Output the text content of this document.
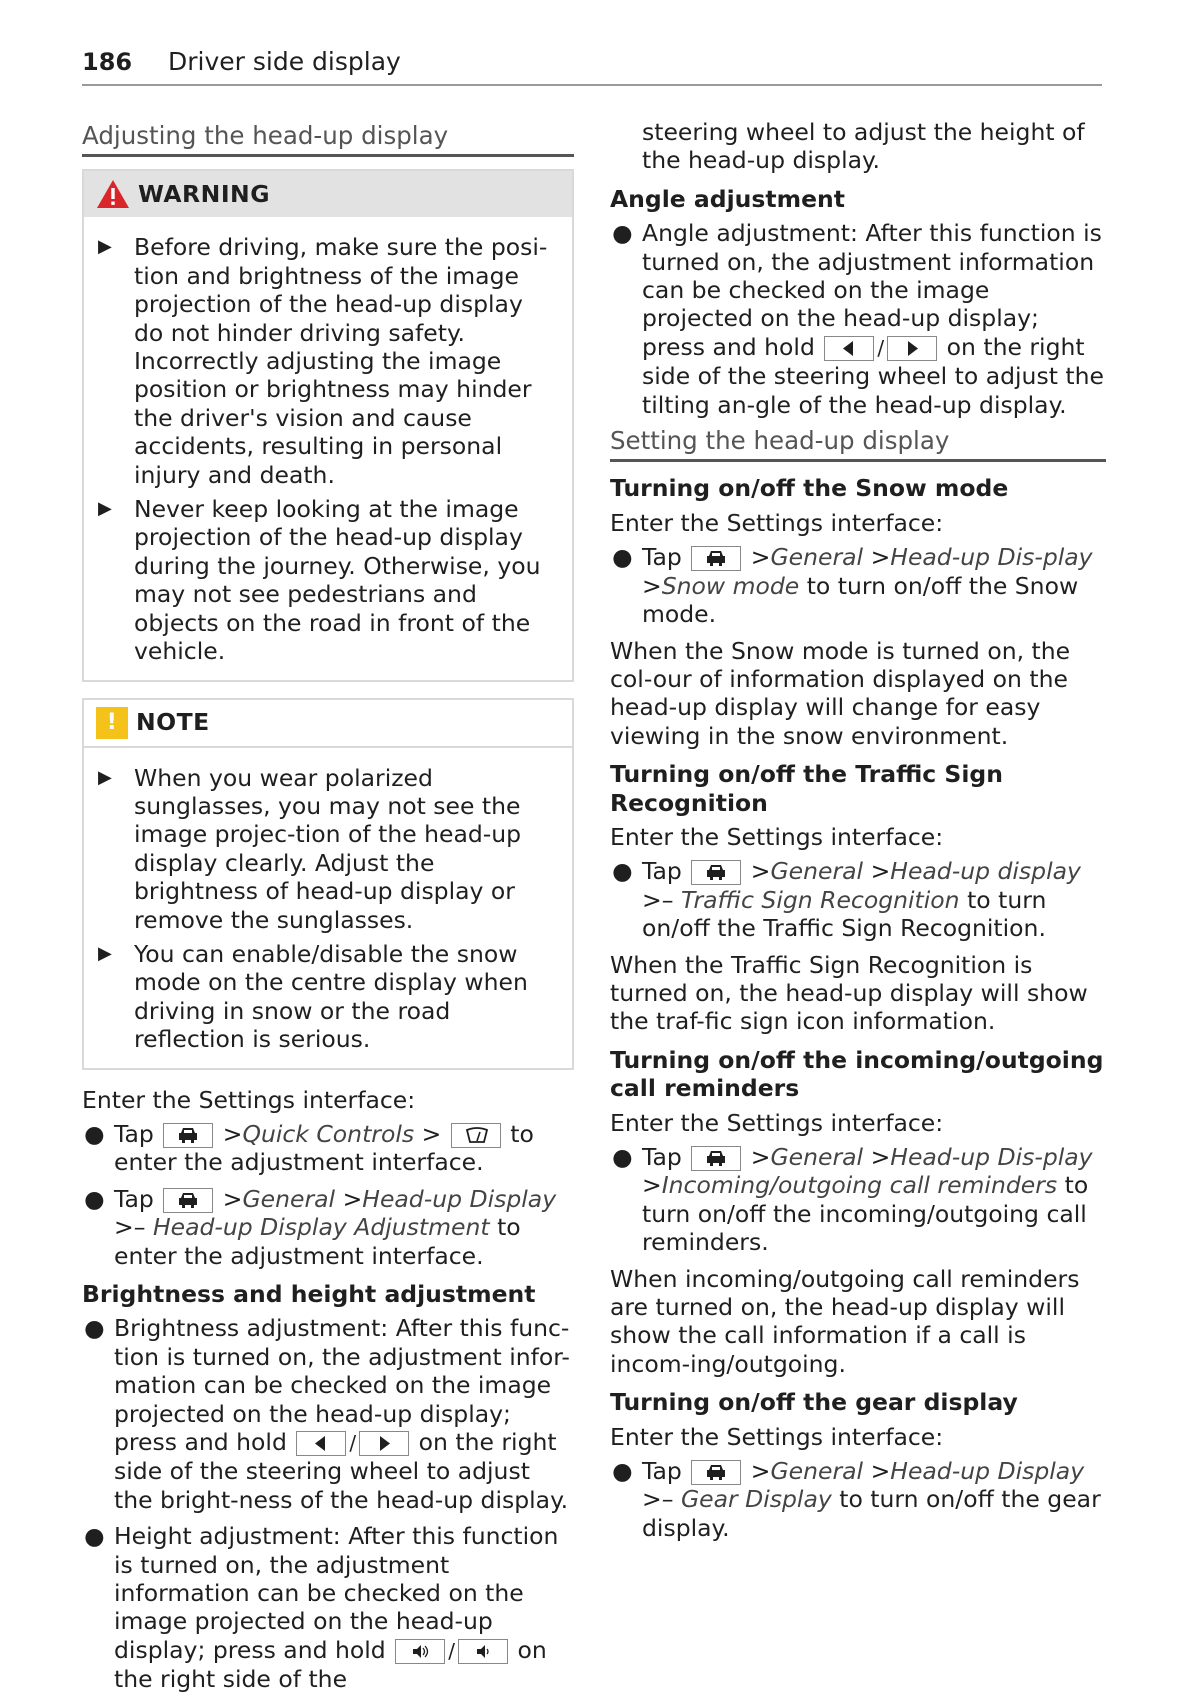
186 Driver side display
Adjusting the head-up display
WARNING
▶ Before driving, make sure the posi-tion and brightness of the image projection of the head-up display do not hinder driving safety. Incorrectly adjusting the image position or brightness may hinder the driver's vision and cause accidents, resulting in personal injury and death.
▶ Never keep looking at the image projection of the head-up display during the journey. Otherwise, you may not see pedestrians and objects on the road in front of the vehicle.
! NOTE
▶ When you wear polarized sunglasses, you may not see the image projec-tion of the head-up display clearly. Adjust the brightness of head-up display or remove the sunglasses.
▶ You can enable/disable the snow mode on the centre display when driving in snow or the road reflection is serious.
Enter the Settings interface:
● Tap	>Quick Controls >	to enter the adjustment interface.
● Tap	>General >Head-up Display >– Head-up Display Adjustment to enter the adjustment interface.
Brightness and height adjustment
● Brightness adjustment: After this func-tion is turned on, the adjustment infor-mation can be checked on the image projected on the head-up display; press and hold	/	on the right side of the steering wheel to adjust the bright-ness of the head-up display.
● Height adjustment: After this function is turned on, the adjustment information can be checked on the image projected on the head-up display; press and hold	/	on the right side of the
steering wheel to adjust the height of the head-up display.
Angle adjustment
● Angle adjustment: After this function is turned on, the adjustment information can be checked on the image projected on the head-up display; press and hold	/	on the right side of the steering wheel to adjust the tilting an-gle of the head-up display.
Setting the head-up display
Turning on/off the Snow mode
Enter the Settings interface:
● Tap	>General >Head-up Dis-play >Snow mode to turn on/off the Snow mode.
When the Snow mode is turned on, the col-our of information displayed on the head-up display will change for easy viewing in the snow environment.
Turning on/off the Traffic Sign Recognition
Enter the Settings interface:
● Tap	>General >Head-up display >– Traffic Sign Recognition to turn on/off the Traffic Sign Recognition.
When the Traffic Sign Recognition is turned on, the head-up display will show the traf-fic sign icon information.
Turning on/off the incoming/outgoing call reminders
Enter the Settings interface:
● Tap	>General >Head-up Dis-play >Incoming/outgoing call reminders to turn on/off the incoming/outgoing call reminders.
When incoming/outgoing call reminders are turned on, the head-up display will show the call information if a call is incom-ing/outgoing.
Turning on/off the gear display
Enter the Settings interface:
● Tap	>General >Head-up Display >– Gear Display to turn on/off the gear display.
